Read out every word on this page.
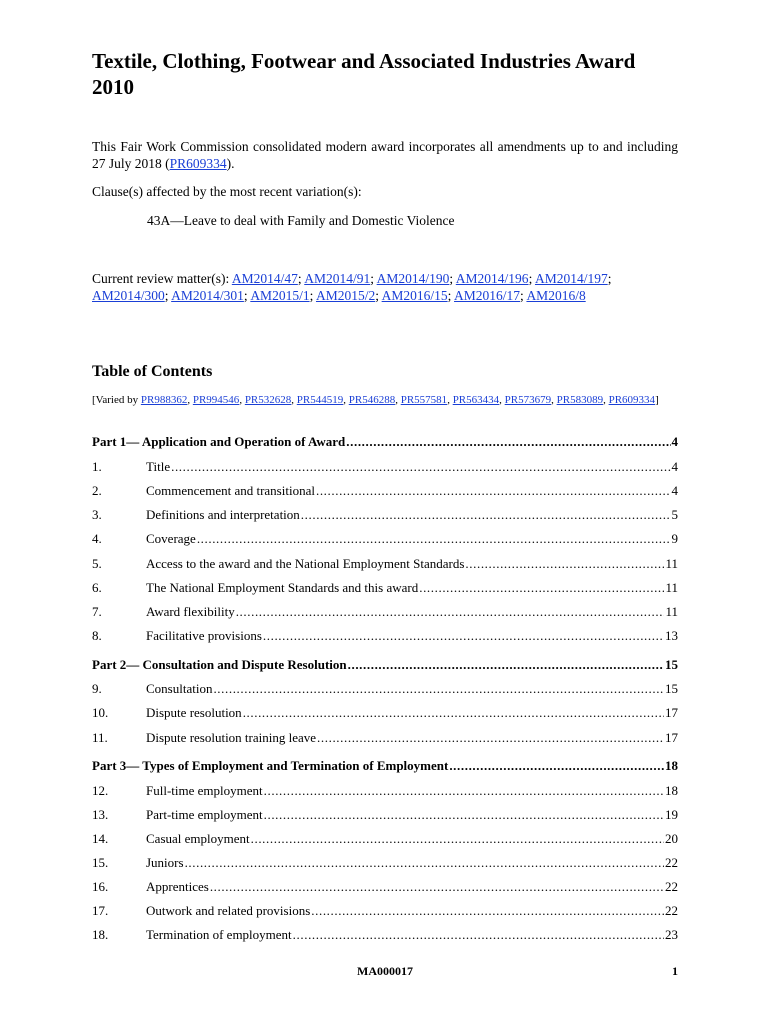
Textile, Clothing, Footwear and Associated Industries Award 2010
This Fair Work Commission consolidated modern award incorporates all amendments up to and including 27 July 2018 (PR609334).
Clause(s) affected by the most recent variation(s):
43A—Leave to deal with Family and Domestic Violence
Current review matter(s): AM2014/47; AM2014/91; AM2014/190; AM2014/196; AM2014/197; AM2014/300; AM2014/301; AM2015/1; AM2015/2; AM2016/15; AM2016/17; AM2016/8
Table of Contents
[Varied by PR988362, PR994546, PR532628, PR544519, PR546288, PR557581, PR563434, PR573679, PR583089, PR609334]
Part 1— Application and Operation of Award .....	4
1.	Title .....	4
2.	Commencement and transitional .....	4
3.	Definitions and interpretation .....	5
4.	Coverage .....	9
5.	Access to the award and the National Employment Standards .....	11
6.	The National Employment Standards and this award .....	11
7.	Award flexibility .....	11
8.	Facilitative provisions .....	13
Part 2— Consultation and Dispute Resolution .....	15
9.	Consultation .....	15
10.	Dispute resolution .....	17
11.	Dispute resolution training leave .....	17
Part 3— Types of Employment and Termination of Employment .....	18
12.	Full-time employment .....	18
13.	Part-time employment .....	19
14.	Casual employment .....	20
15.	Juniors .....	22
16.	Apprentices .....	22
17.	Outwork and related provisions .....	22
18.	Termination of employment .....	23
MA000017	1
